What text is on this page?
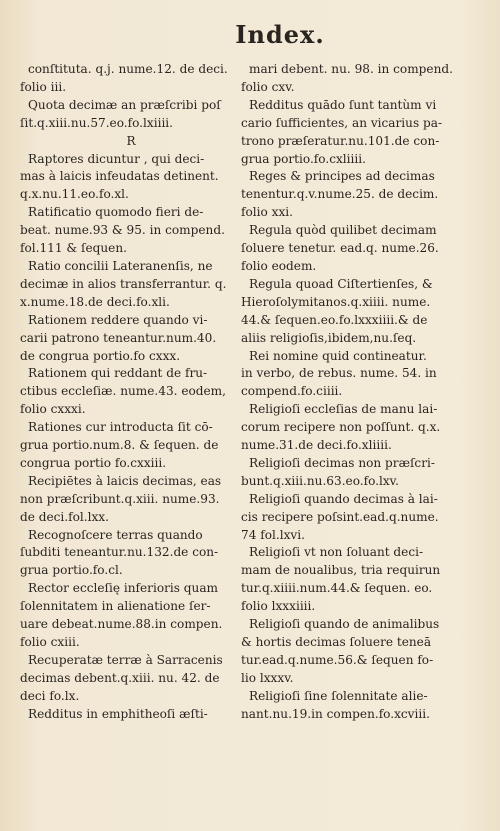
Index.
conſtituta. q.j. nume.12. de deci.
folio iii.
Quota decimæ an præſcribi poſ
ſit.q.xiii.nu.57.eo.fo.lxiiii.
R
Raptores dicuntur , qui deci-
mas à laicis infeudatas detinent.
q.x.nu.11.eo.fo.xl.
Ratificatio quomodo fieri de-
beat. nume.93 & 95. in compend.
fol.111 & ſequen.
Ratio concilii Lateranenſis, ne
decimæ in alios transferrantur. q.
x.nume.18.de deci.fo.xli.
Rationem reddere quando vi-
carii patrono teneantur.num.40.
de congrua portio.fo cxxx.
Rationem qui reddant de fru-
ctibus eccleſiæ. nume.43. eodem,
folio cxxxi.
Rationes cur introducta ſit cō-
grua portio.num.8. & ſequen. de
congrua portio fo.cxxiii.
Recipiētes à laicis decimas, eas
non præſcribunt.q.xiii. nume.93.
de deci.fol.lxx.
Recognoſcere terras quando
ſubditi teneantur.nu.132.de con-
grua portio.fo.cl.
Rector eccleſię inferioris quam
ſolennitatem in alienatione ſer-
uare debeat.nume.88.in compen.
folio cxiii.
Recuperatæ terræ à Sarracenis
decimas debent.q.xiii. nu. 42. de
deci fo.lx.
Redditus in emphitheoſi æſti-
mari debent. nu. 98. in compend.
folio cxv.
Redditus quādo ſunt tantùm vi
cario ſufficientes, an vicarius pa-
trono præſeratur.nu.101.de con-
grua portio.fo.cxliiii.
Reges & principes ad decimas
tenentur.q.v.nume.25. de decim.
folio xxi.
Regula quòd quilibet decimam
ſoluere tenetur. ead.q. nume.26.
folio eodem.
Regula quoad Ciſtertienſes, &
Hieroſolymitanos.q.xiiii. nume.
44.& ſequen.eo.fo.lxxxiiii.& de
aliis religioſis,ibidem,nu.ſeq.
Rei nomine quid contineatur.
in verbo, de rebus. nume. 54. in
compend.fo.ciiii.
Religioſi eccleſias de manu lai-
corum recipere non poſſunt. q.x.
nume.31.de deci.fo.xliiii.
Religioſi decimas non præſcri-
bunt.q.xiii.nu.63.eo.fo.lxv.
Religioſi quando decimas à lai-
cis recipere poſsint.ead.q.nume.
74 fol.lxvi.
Religioſi vt non ſoluant deci-
mam de noualibus, tria requirun
tur.q.xiiii.num.44.& ſequen. eo.
folio lxxxiiii.
Religioſi quando de animalibus
& hortis decimas ſoluere teneā
tur.ead.q.nume.56.& ſequen fo-
lio lxxxv.
Religioſi ſine ſolennitate alie-
nant.nu.19.in compen.fo.xcviii.
